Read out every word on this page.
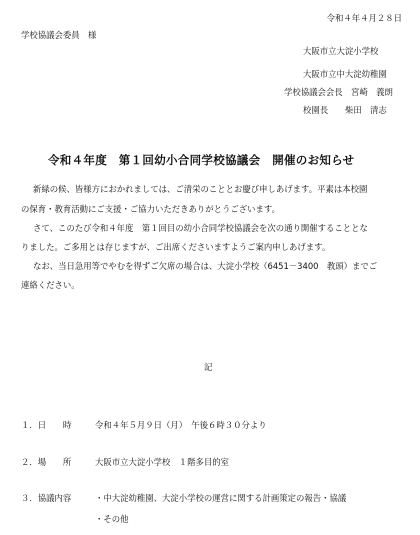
令和４年４月２８日
学校協議会委員　様
大阪市立大淀小学校
大阪市立中大淀幼稚園
学校協議会会長　宮崎　義朗
校園長　　柴田　清志
令和４年度　第１回幼小合同学校協議会　開催のお知らせ
新緑の候、皆様方におかれましては、ご清栄のこととお慶び申しあげます。平素は本校園
の保育・教育活動にご支援・ご協力いただきありがとうございます。
さて、このたび令和４年度　第１回目の幼小合同学校協議会を次の通り開催することとな
りました。ご多用とは存じますが、ご出席くださいますようご案内申しあげます。
なお、当日急用等でやむを得ずご欠席の場合は、大淀小学校（6451－3400　教頭）までご
連絡ください。
記
１．日　　時	令和４年５月９日（月）　午後６時３０分より
２．場　　所	大阪市立大淀小学校　１階多目的室
３．協議内容	・中大淀幼稚園、大淀小学校の運営に関する計画策定の報告・協議
・その他
